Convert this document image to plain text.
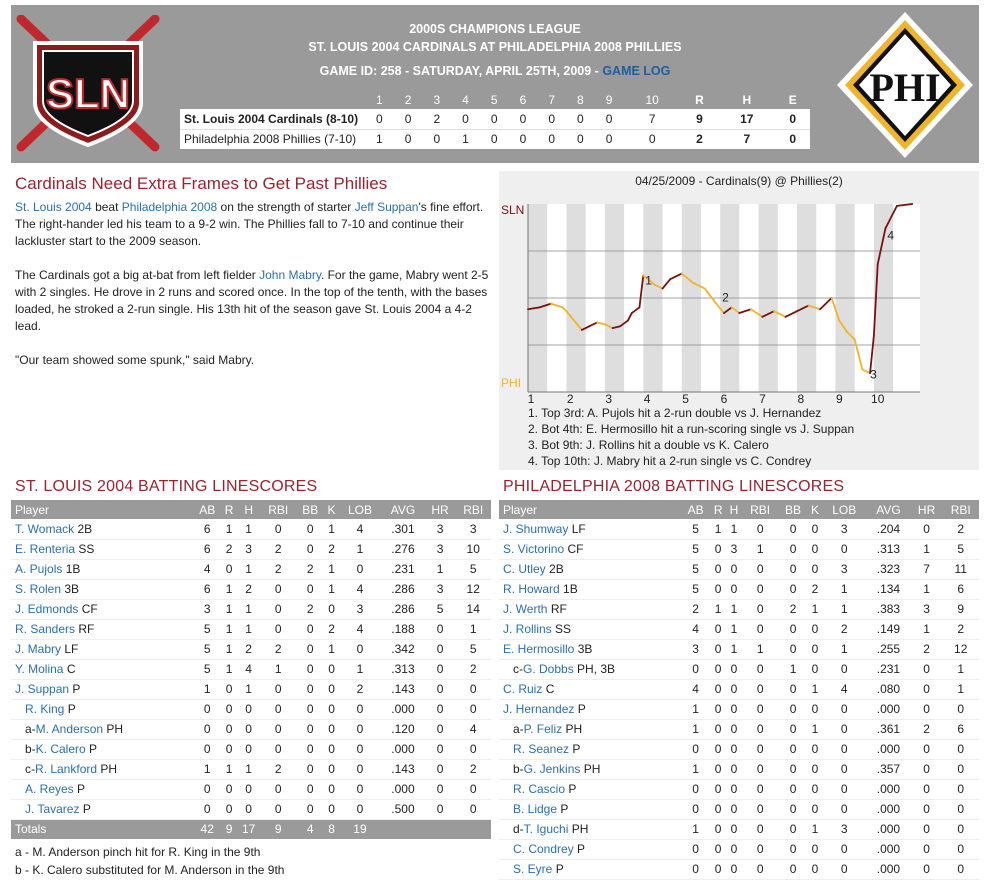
SLN
2000S CHAMPIONS LEAGUE
ST. LOUIS 2004 CARDINALS AT PHILADELPHIA 2008 PHILLIES
GAME ID: 258 - SATURDAY, APRIL 25TH, 2009 - GAME LOG
	1	2	3	4	5	6	7	8	9	10	R	H	E
St. Louis 2004 Cardinals (8-10)	0	0	2	0	0	0	0	0	0	7	9	17	0
Philadelphia 2008 Phillies (7-10)	1	0	0	1	0	0	0	0	0	0	2	7	0
PHI
Cardinals Need Extra Frames to Get Past Phillies
St. Louis 2004 beat Philadelphia 2008 on the strength of starter Jeff Suppan's fine effort. The right-hander led his team to a 9-2 win. The Phillies fall to 7-10 and continue their lackluster start to the 2009 season.
The Cardinals got a big at-bat from left fielder John Mabry. For the game, Mabry went 2-5 with 2 singles. He drove in 2 runs and scored once. In the top of the tenth, with the bases loaded, he stroked a 2-run single. His 13th hit of the season gave St. Louis 2004 a 4-2 lead.
"Our team showed some spunk," said Mabry.
04/25/2009 - Cardinals(9) @ Phillies(2)
SLN
PHI
1
2
3
4
1	2	3	4	5	6	7	8	9 10
1. Top 3rd: A. Pujols hit a 2-run double vs J. Hernandez
2. Bot 4th: E. Hermosillo hit a run-scoring single vs J. Suppan
3. Bot 9th: J. Rollins hit a double vs K. Calero
4. Top 10th: J. Mabry hit a 2-run single vs C. Condrey
ST. LOUIS 2004 BATTING LINESCORES
Player	AB	R	H	RBI	BB	K	LOB	AVG	HR	RBI
T. Womack 2B	6	1	1	0	0	1	4	.301	3	3
E. Renteria SS	6	2	3	2	0	2	1	.276	3	10
A. Pujols 1B	4	0	1	2	2	1	0	.231	1	5
S. Rolen 3B	6	1	2	0	0	1	4	.286	3	12
J. Edmonds CF	3	1	1	0	2	0	3	.286	5	14
R. Sanders RF	5	1	1	0	0	2	4	.188	0	1
J. Mabry LF	5	1	2	2	0	1	0	.342	0	5
Y. Molina C	5	1	4	1	0	0	1	.313	0	2
J. Suppan P	1	0	1	0	0	0	2	.143	0	0
R. King P	0	0	0	0	0	0	0	.000	0	0
a-M. Anderson PH	0	0	0	0	0	0	0	.120	0	4
b-K. Calero P	0	0	0	0	0	0	0	.000	0	0
c-R. Lankford PH	1	1	1	2	0	0	0	.143	0	2
A. Reyes P	0	0	0	0	0	0	0	.000	0	0
J. Tavarez P	0	0	0	0	0	0	0	.500	0	0
Totals	42	9	17	9	4	8	19			
a - M. Anderson pinch hit for R. King in the 9th
b - K. Calero substituted for M. Anderson in the 9th
PHILADELPHIA 2008 BATTING LINESCORES
Player	AB	R	H	RBI	BB	K	LOB	AVG	HR	RBI
J. Shumway LF	5	1	1	0	0	0	3	.204	0	2
S. Victorino CF	5	0	3	1	0	0	0	.313	1	5
C. Utley 2B	5	0	0	0	0	0	3	.323	7	11
R. Howard 1B	5	0	0	0	0	2	1	.134	1	6
J. Werth RF	2	1	1	0	2	1	1	.383	3	9
J. Rollins SS	4	0	1	0	0	0	2	.149	1	2
E. Hermosillo 3B	3	0	1	1	0	0	1	.255	2	12
c-G. Dobbs PH, 3B	0	0	0	0	1	0	0	.231	0	1
C. Ruiz C	4	0	0	0	0	1	4	.080	0	1
J. Hernandez P	1	0	0	0	0	0	0	.000	0	0
a-P. Feliz PH	1	0	0	0	0	1	0	.361	2	6
R. Seanez P	0	0	0	0	0	0	0	.000	0	0
b-G. Jenkins PH	1	0	0	0	0	0	0	.357	0	0
R. Cascio P	0	0	0	0	0	0	0	.000	0	0
B. Lidge P	0	0	0	0	0	0	0	.000	0	0
d-T. Iguchi PH	1	0	0	0	0	1	3	.000	0	0
C. Condrey P	0	0	0	0	0	0	0	.000	0	0
S. Eyre P	0	0	0	0	0	0	0	.000	0	0
